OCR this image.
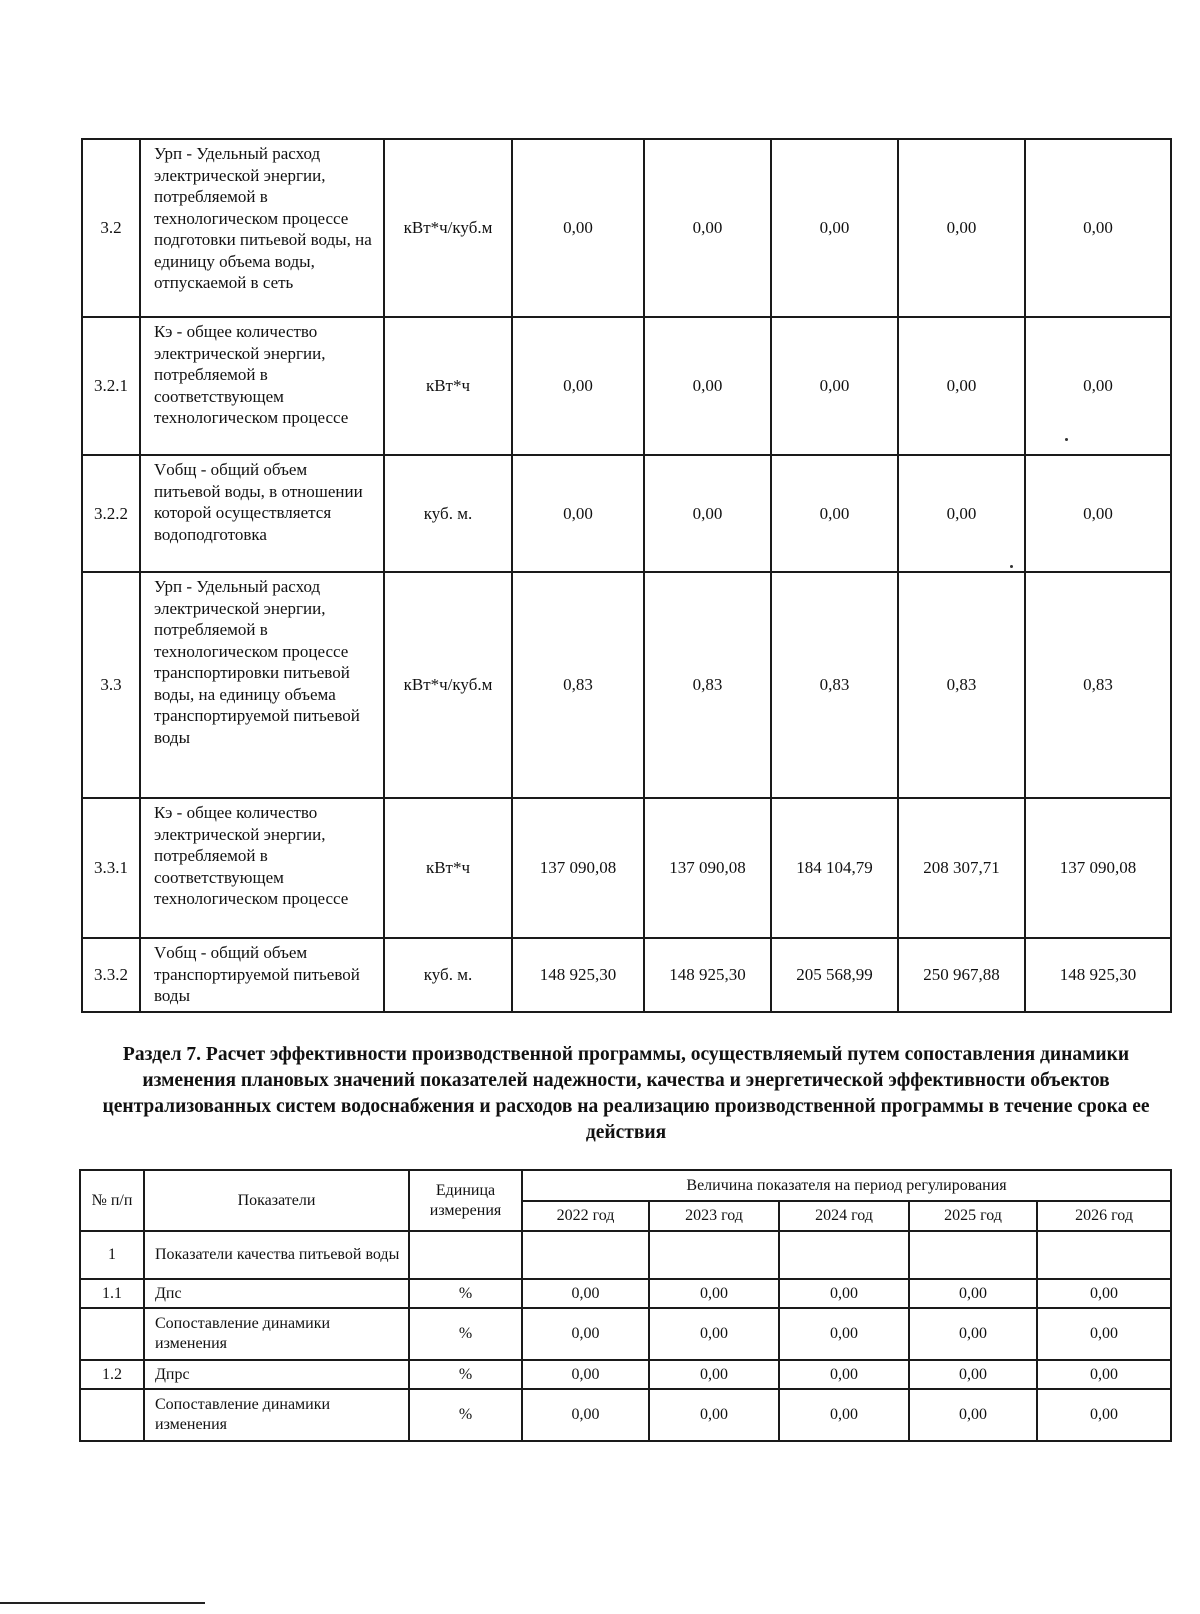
3.2	Урп - Удельный расход электрической энергии, потребляемой в технологическом процессе подготовки питьевой воды, на единицу объема воды, отпускаемой в сеть	кВт*ч/куб.м	0,00	0,00	0,00	0,00	0,00
3.2.1	Кэ - общее количество электрической энергии, потребляемой в соответствующем технологическом процессе	кВт*ч	0,00	0,00	0,00	0,00	0,00
3.2.2	Vобщ - общий объем питьевой воды, в отношении которой осуществляется водоподготовка	куб. м.	0,00	0,00	0,00	0,00	0,00
3.3	Урп - Удельный расход электрической энергии, потребляемой в технологическом процессе транспортировки питьевой воды, на единицу объема транспортируемой питьевой воды	кВт*ч/куб.м	0,83	0,83	0,83	0,83	0,83
3.3.1	Кэ - общее количество электрической энергии, потребляемой в соответствующем технологическом процессе	кВт*ч	137 090,08	137 090,08	184 104,79	208 307,71	137 090,08
3.3.2	Vобщ - общий объем транспортируемой питьевой воды	куб. м.	148 925,30	148 925,30	205 568,99	250 967,88	148 925,30
Раздел 7. Расчет эффективности производственной программы, осуществляемый путем сопоставления динамики изменения плановых значений показателей надежности, качества и энергетической эффективности объектов централизованных систем водоснабжения и расходов на реализацию производственной программы в течение срока ее действия
№ п/п	Показатели	Единица измерения	Величина показателя на период регулирования				
			2022 год	2023 год	2024 год	2025 год	2026 год
1	Показатели качества питьевой воды						
1.1	Дпс	%	0,00	0,00	0,00	0,00	0,00
	Сопоставление динамики изменения	%	0,00	0,00	0,00	0,00	0,00
1.2	Дпрс	%	0,00	0,00	0,00	0,00	0,00
	Сопоставление динамики изменения	%	0,00	0,00	0,00	0,00	0,00
